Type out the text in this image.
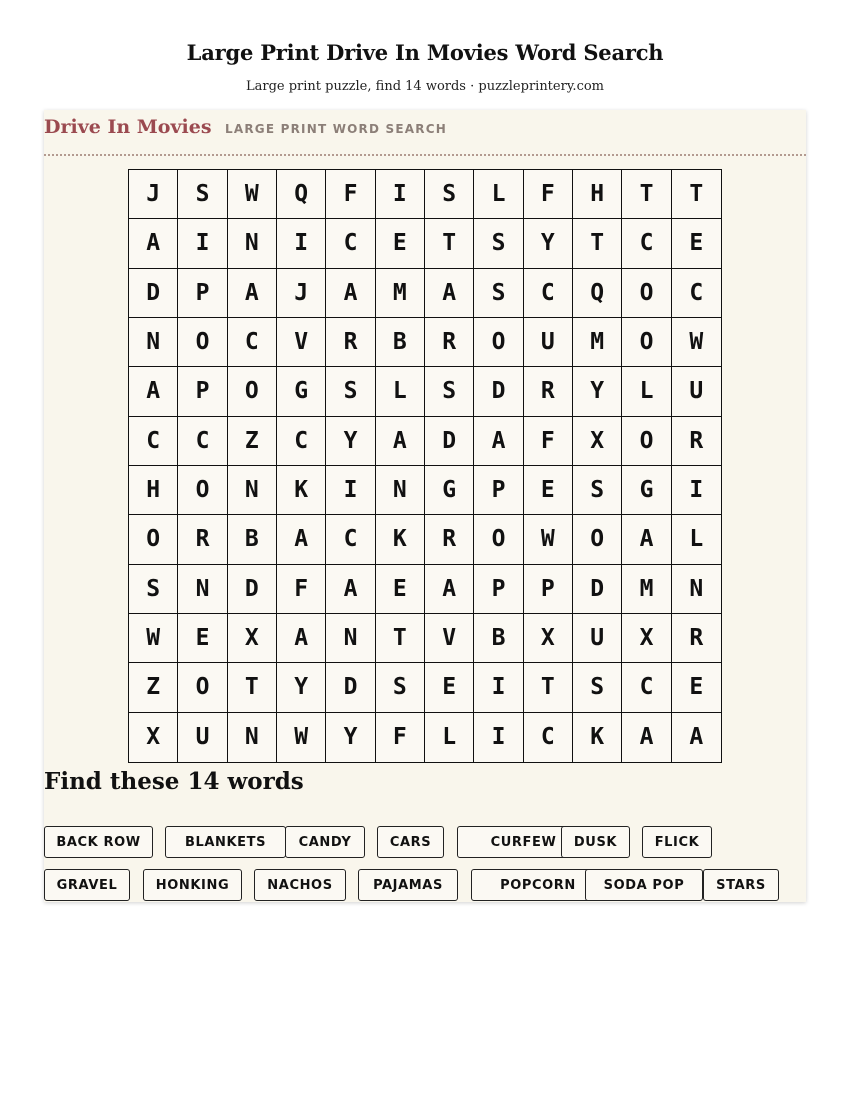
Large Print Drive In Movies Word Search
Large print puzzle, find 14 words · puzzleprintery.com
Drive In Movies LARGE PRINT WORD SEARCH
J	S	W	Q	F	I	S	L	F	H	T	T
A	I	N	I	C	E	T	S	Y	T	C	E
D	P	A	J	A	M	A	S	C	Q	O	C
N	O	C	V	R	B	R	O	U	M	O	W
A	P	O	G	S	L	S	D	R	Y	L	U
C	C	Z	C	Y	A	D	A	F	X	O	R
H	O	N	K	I	N	G	P	E	S	G	I
O	R	B	A	C	K	R	O	W	O	A	L
S	N	D	F	A	E	A	P	P	D	M	N
W	E	X	A	N	T	V	B	X	U	X	R
Z	O	T	Y	D	S	E	I	T	S	C	E
X	U	N	W	Y	F	L	I	C	K	A	A
Find these 14 words
BACK ROW	BLANKETS	CANDY	CARS	CURFEW	DUSK	FLICK
GRAVEL	HONKING	NACHOS	PAJAMAS	POPCORN	SODA POP	STARS
